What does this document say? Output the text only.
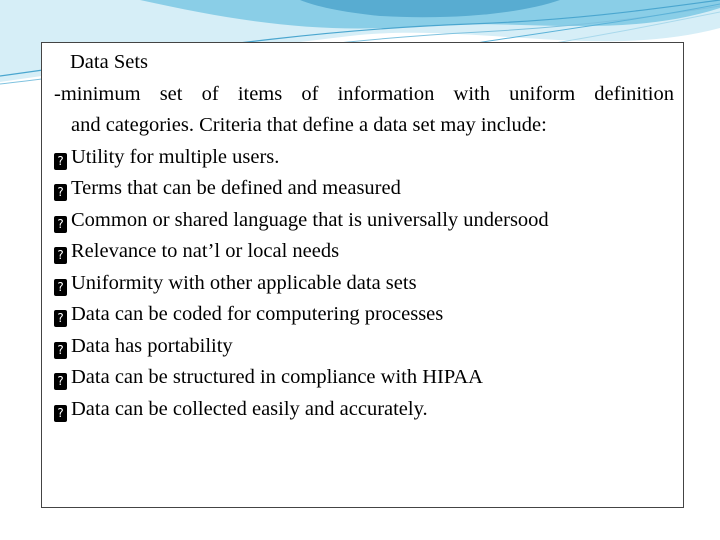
Data Sets
-minimum set of items of information with uniform definition
and categories. Criteria that define a data set may include:
? Utility for multiple users.
? Terms that can be defined and measured
? Common or shared language that is universally undersood
? Relevance to nat’l or local needs
? Uniformity with other applicable data sets
? Data can be coded for computering processes
? Data has portability
? Data can be structured in compliance with HIPAA
? Data can be collected easily and accurately.
